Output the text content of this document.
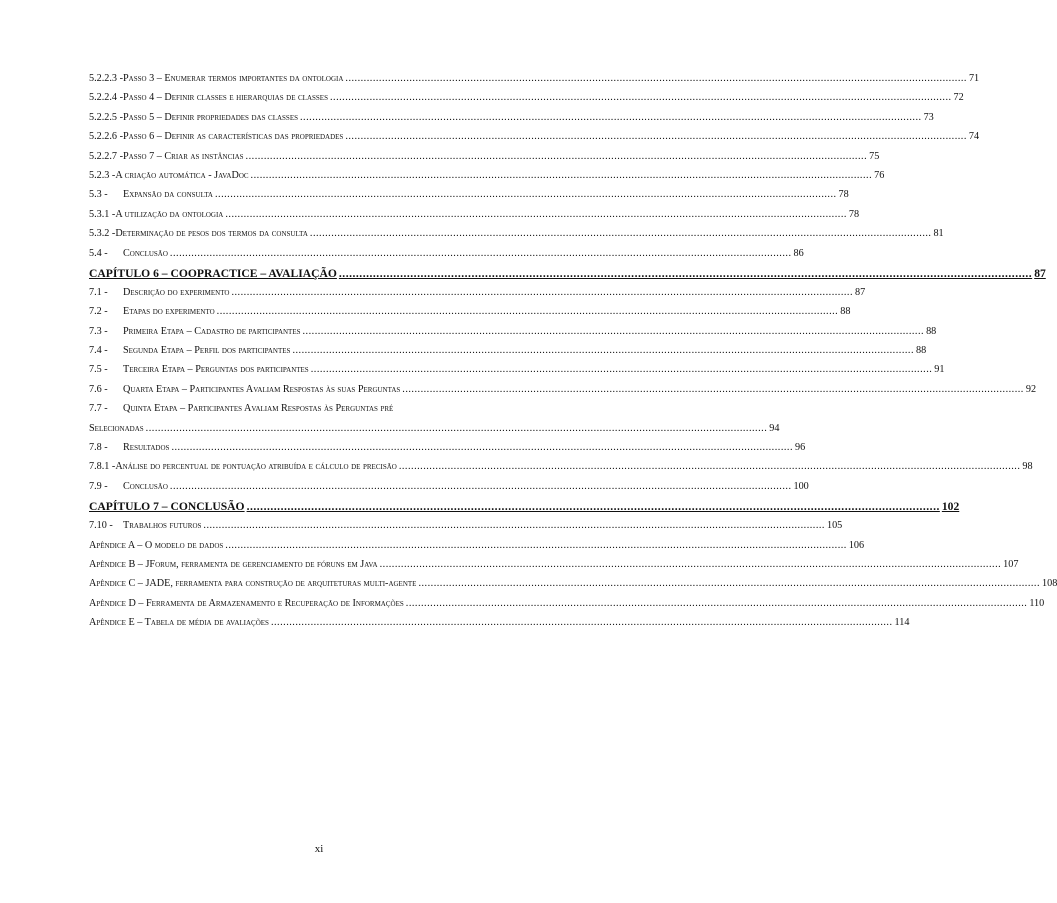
5.2.2.3 - Passo 3 – Enumerar termos importantes da ontologia .....	71
5.2.2.4 - Passo 4 – Definir classes e hierarquias de classes .....	72
5.2.2.5 - Passo 5 – Definir propriedades das classes .....	73
5.2.2.6 - Passo 6 – Definir as características das propriedades .....	74
5.2.2.7 - Passo 7 – Criar as instâncias .....	75
5.2.3 - A criação automática - JavaDoc .....	76
5.3 -	Expansão da consulta .....	78
5.3.1 - A utilização da ontologia .....	78
5.3.2 - Determinação de pesos dos termos da consulta .....	81
5.4 -	Conclusão .....	86
CAPÍTULO 6 – COOPRACTICE – AVALIAÇÃO .....	87
7.1 -	Descrição do experimento .....	87
7.2 -	Etapas do experimento .....	88
7.3 -	Primeira Etapa – Cadastro de participantes .....	88
7.4 -	Segunda Etapa – Perfil dos participantes .....	88
7.5 -	Terceira Etapa – Perguntas dos participantes .....	91
7.6 -	Quarta Etapa – Participantes Avaliam Respostas às suas Perguntas .....	92
7.7 -	Quinta Etapa – Participantes Avaliam Respostas às Perguntas pré
Selecionadas .....	94
7.8 -	Resultados .....	96
7.8.1 - Análise do percentual de pontuação atribuída e cálculo de precisão .....	98
7.9 -	Conclusão .....	100
CAPÍTULO 7 – CONCLUSÃO .....	102
7.10 -	Trabalhos futuros .....	105
Apêndice A – O modelo de dados .....	106
Apêndice B – JForum, ferramenta de gerenciamento de fóruns em Java .....	107
Apêndice C – JADE, ferramenta para construção de arquiteturas multi-agente .....	108
Apêndice D – Ferramenta de Armazenamento e Recuperação de Informações .....	110
Apêndice E – Tabela de média de avaliações .....	114
xi
